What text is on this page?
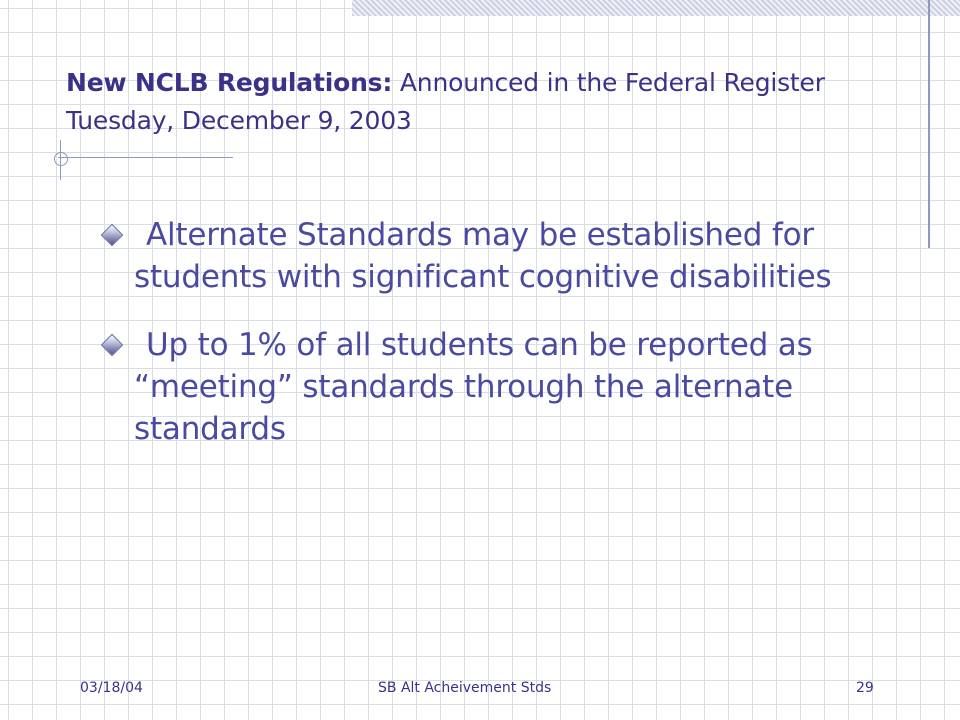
New NCLB Regulations: Announced in the Federal Register Tuesday, December 9, 2003
Alternate Standards may be established for students with significant cognitive disabilities
Up to 1% of all students can be reported as “meeting” standards through the alternate standards
03/18/04	SB Alt Acheivement Stds	29
